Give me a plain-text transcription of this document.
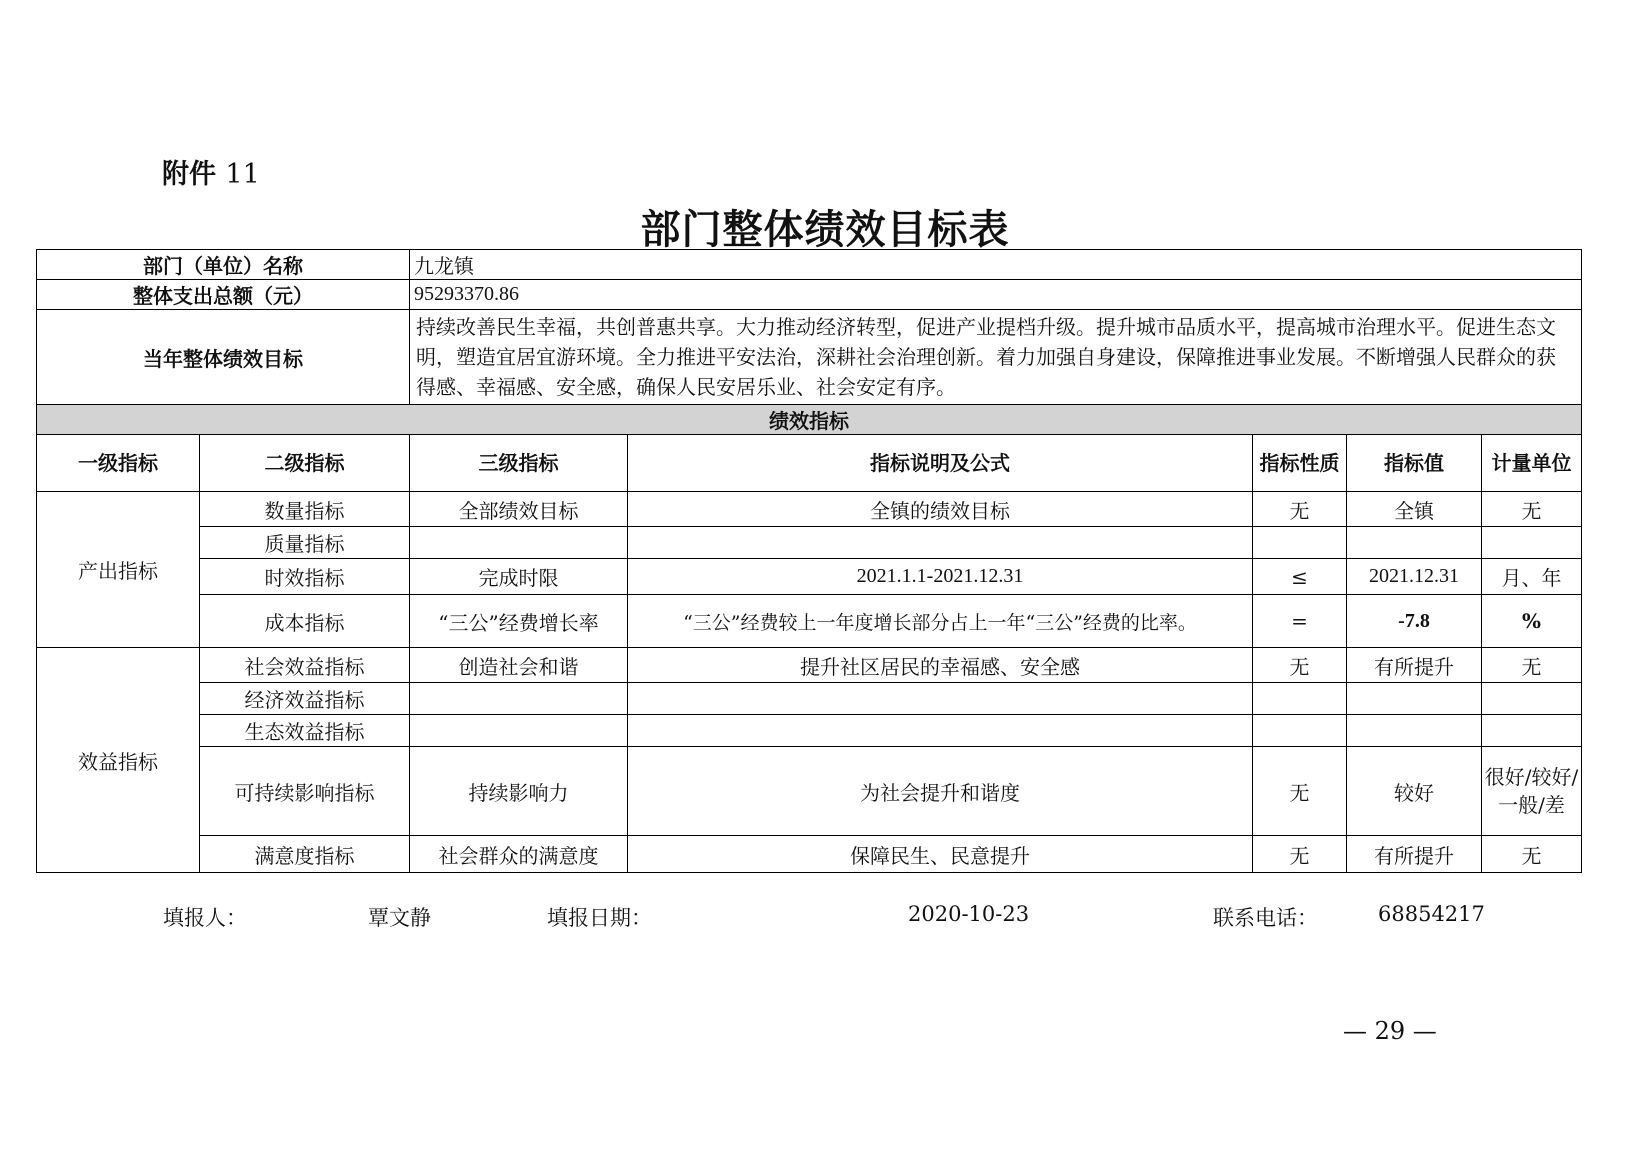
附件 11
部门整体绩效目标表
部门（单位）名称		九龙镇				
整体支出总额（元）		95293370.86				
当年整体绩效目标		持续改善民生幸福，共创普惠共享。大力推动经济转型，促进产业提档升级。提升城市品质水平，提高城市治理水平。促进生态文明，塑造宜居宜游环境。全力推进平安法治，深耕社会治理创新。着力加强自身建设，保障推进事业发展。不断增强人民群众的获得感、幸福感、安全感，确保人民安居乐业、社会安定有序。				
绩效指标						
一级指标	二级指标	三级指标	指标说明及公式	指标性质	指标值	计量单位
产出指标	数量指标	全部绩效目标	全镇的绩效目标	无	全镇	无
	质量指标					
	时效指标	完成时限	2021.1.1-2021.12.31	≤	2021.12.31	月、年
	成本指标	“三公”经费增长率	“三公”经费较上一年度增长部分占上一年“三公”经费的比率。	=	-7.8	%
效益指标	社会效益指标	创造社会和谐	提升社区居民的幸福感、安全感	无	有所提升	无
	经济效益指标					
	生态效益指标					
	可持续影响指标	持续影响力	为社会提升和谐度	无	较好	很好/较好/一般/差
	满意度指标	社会群众的满意度	保障民生、民意提升	无	有所提升	无
填报人：	覃文静	填报日期：	2020-10-23	联系电话：	68854217
— 29 —
